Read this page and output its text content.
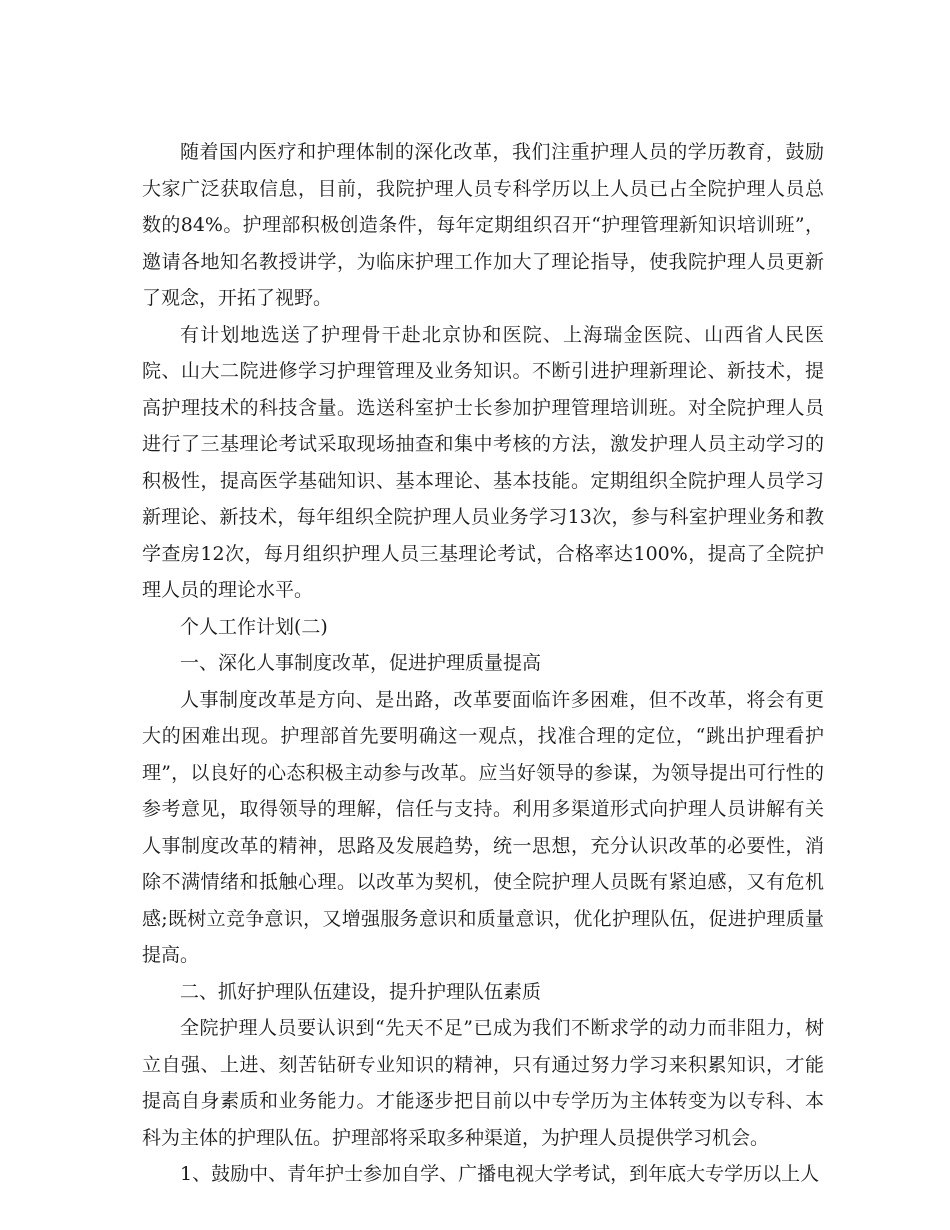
随着国内医疗和护理体制的深化改革，我们注重护理人员的学历教育，鼓励大家广泛获取信息，目前，我院护理人员专科学历以上人员已占全院护理人员总数的84%。护理部积极创造条件，每年定期组织召开“护理管理新知识培训班”，邀请各地知名教授讲学，为临床护理工作加大了理论指导，使我院护理人员更新了观念，开拓了视野。

有计划地选送了护理骨干赴北京协和医院、上海瑞金医院、山西省人民医院、山大二院进修学习护理管理及业务知识。不断引进护理新理论、新技术，提高护理技术的科技含量。选送科室护士长参加护理管理培训班。对全院护理人员进行了三基理论考试采取现场抽查和集中考核的方法，激发护理人员主动学习的积极性，提高医学基础知识、基本理论、基本技能。定期组织全院护理人员学习新理论、新技术，每年组织全院护理人员业务学习13次，参与科室护理业务和教学查房12次，每月组织护理人员三基理论考试，合格率达100%，提高了全院护理人员的理论水平。

个人工作计划(二)

一、深化人事制度改革，促进护理质量提高

人事制度改革是方向、是出路，改革要面临许多困难，但不改革，将会有更大的困难出现。护理部首先要明确这一观点，找准合理的定位，“跳出护理看护理”，以良好的心态积极主动参与改革。应当好领导的参谋，为领导提出可行性的参考意见，取得领导的理解，信任与支持。利用多渠道形式向护理人员讲解有关人事制度改革的精神，思路及发展趋势，统一思想，充分认识改革的必要性，消除不满情绪和抵触心理。以改革为契机，使全院护理人员既有紧迫感，又有危机感;既树立竞争意识，又增强服务意识和质量意识，优化护理队伍，促进护理质量提高。

二、抓好护理队伍建设，提升护理队伍素质

全院护理人员要认识到“先天不足”已成为我们不断求学的动力而非阻力，树立自强、上进、刻苦钻研专业知识的精神，只有通过努力学习来积累知识，才能提高自身素质和业务能力。才能逐步把目前以中专学历为主体转变为以专科、本科为主体的护理队伍。护理部将采取多种渠道，为护理人员提供学习机会。

1、鼓励中、青年护士参加自学、广播电视大学考试，到年底大专学历以上人
